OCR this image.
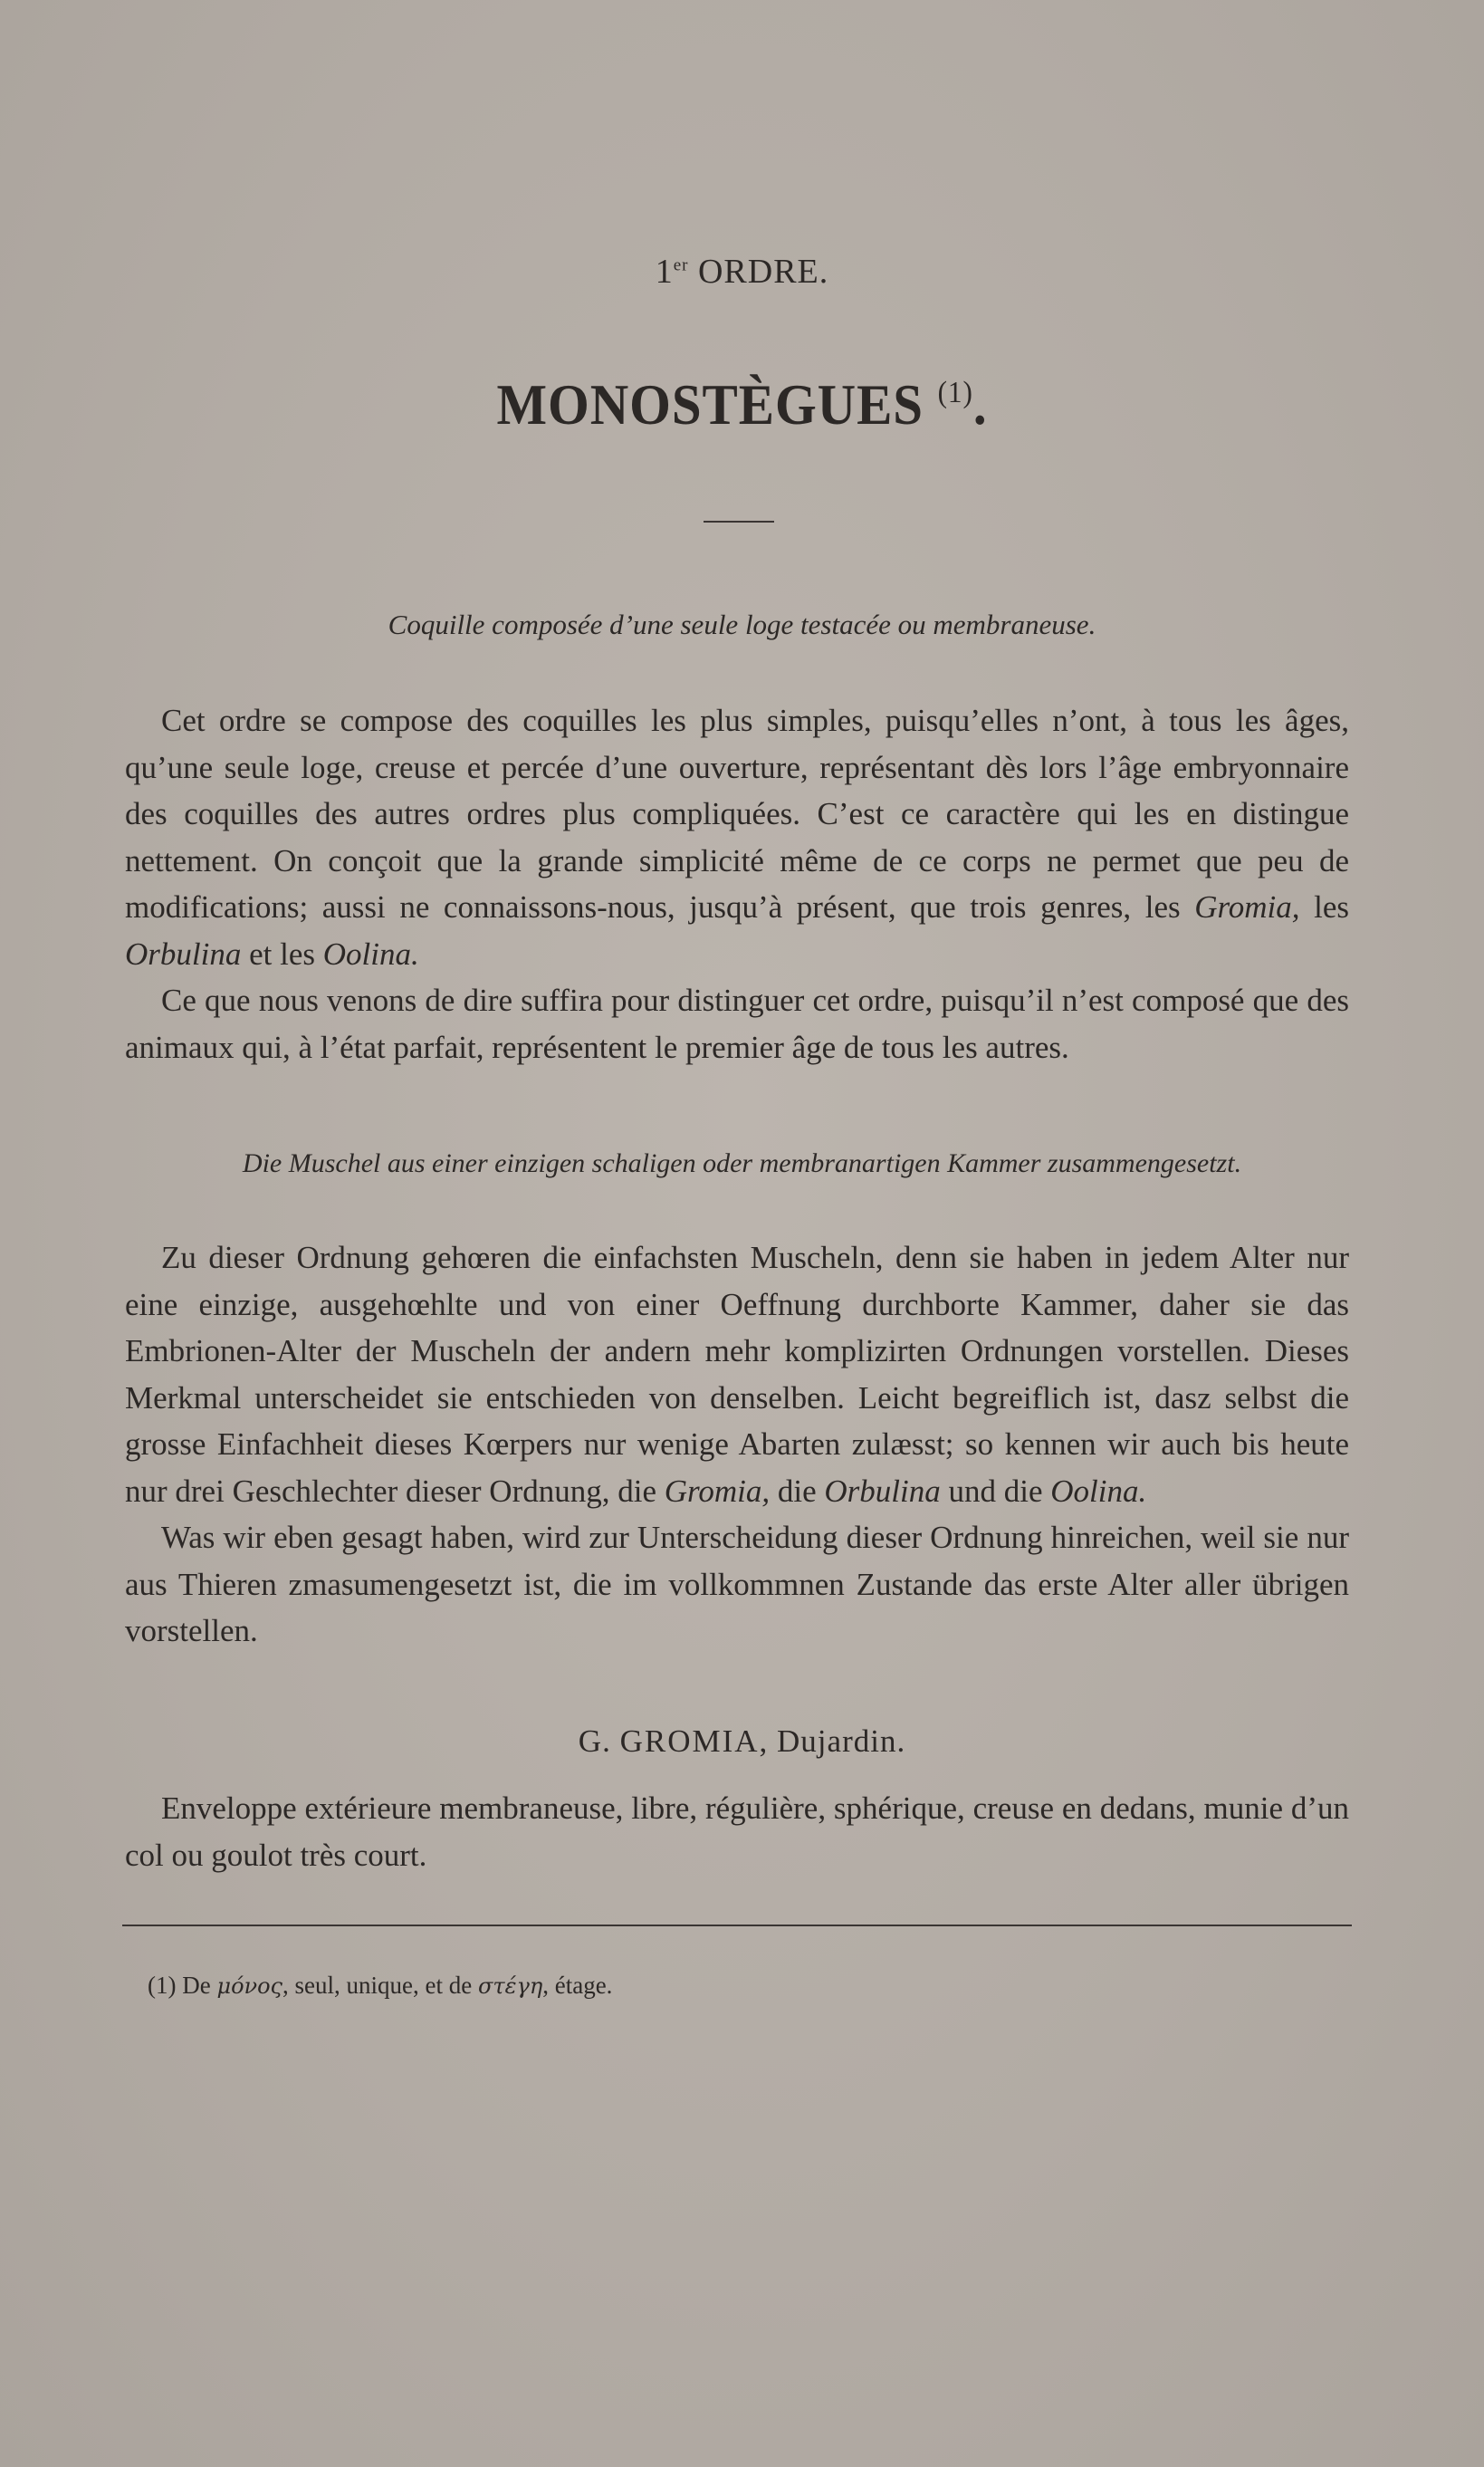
1er ORDRE.
MONOSTÈGUES $^{(1)}$.
Coquille composée d’une seule loge testacée ou membraneuse.

Cet ordre se compose des coquilles les plus simples, puisqu’elles n’ont, à tous les âges, qu’une seule loge, creuse et percée d’une ouverture, représentant dès lors l’âge embryonnaire des coquilles des autres ordres plus compliquées. C’est ce caractère qui les en distingue nettement. On conçoit que la grande simplicité même de ce corps ne permet que peu de modifications; aussi ne connaissons-nous, jusqu’à présent, que trois genres, les Gromia, les Orbulina et les Oolina.

Ce que nous venons de dire suffira pour distinguer cet ordre, puisqu’il n’est composé que des animaux qui, à l’état parfait, représentent le premier âge de tous les autres.

Die Muschel aus einer einzigen schaligen oder membranartigen Kammer zusammengesetzt.

Zu dieser Ordnung gehœren die einfachsten Muscheln, denn sie haben in jedem Alter nur eine einzige, ausgehœhlte und von einer Oeffnung durchborte Kammer, daher sie das Embrionen-Alter der Muscheln der andern mehr komplizirten Ordnungen vorstellen. Dieses Merkmal unterscheidet sie entschieden von denselben. Leicht begreiflich ist, dasz selbst die grosse Einfachheit dieses Kœrpers nur wenige Abarten zulæsst; so kennen wir auch bis heute nur drei Geschlechter dieser Ordnung, die Gromia, die Orbulina und die Oolina.

Was wir eben gesagt haben, wird zur Unterscheidung dieser Ordnung hinreichen, weil sie nur aus Thieren zmasumengesetzt ist, die im vollkommnen Zustande das erste Alter aller übrigen vorstellen.

G. GROMIA, Dujardin.

Enveloppe extérieure membraneuse, libre, régulière, sphérique, creuse en dedans, munie d’un col ou goulot très court.

(1) De μόνος, seul, unique, et de στέγη, étage.
